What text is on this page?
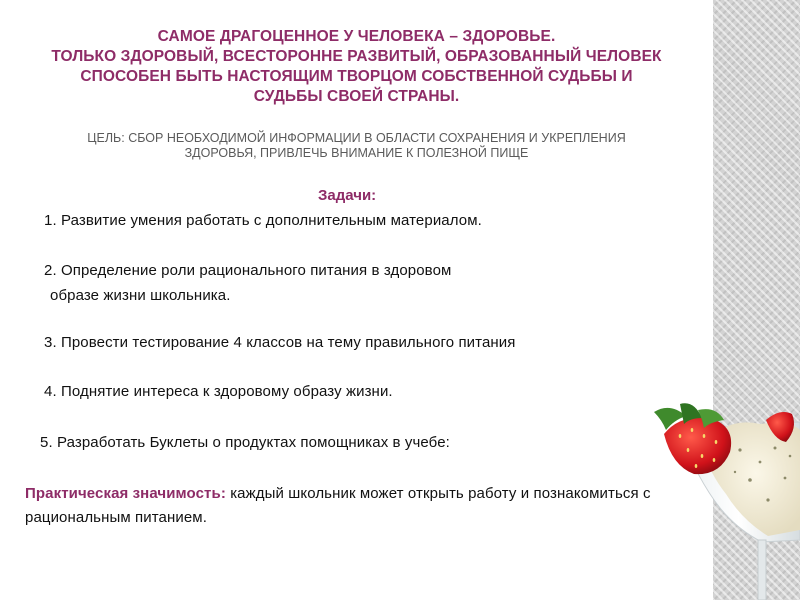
САМОЕ ДРАГОЦЕННОЕ У ЧЕЛОВЕКА – ЗДОРОВЬЕ.
ТОЛЬКО ЗДОРОВЫЙ, ВСЕСТОРОННЕ РАЗВИТЫЙ, ОБРАЗОВАННЫЙ ЧЕЛОВЕК
СПОСОБЕН БЫТЬ НАСТОЯЩИМ ТВОРЦОМ СОБСТВЕННОЙ СУДЬБЫ И
СУДЬБЫ СВОЕЙ СТРАНЫ.
ЦЕЛЬ: СБОР НЕОБХОДИМОЙ ИНФОРМАЦИИ В ОБЛАСТИ СОХРАНЕНИЯ И УКРЕПЛЕНИЯ
ЗДОРОВЬЯ, ПРИВЛЕЧЬ ВНИМАНИЕ К ПОЛЕЗНОЙ ПИЩЕ
Задачи:
1. Развитие умения работать с дополнительным материалом.
2. Определение роли рационального питания в здоровом
образе жизни школьника.
3. Провести тестирование 4 классов на тему правильного питания
4. Поднятие интереса к здоровому образу жизни.
5. Разработать Буклеты о продуктах помощниках в учебе:
Практическая значимость: каждый школьник может открыть работу и познакомиться с рациональным питанием.
